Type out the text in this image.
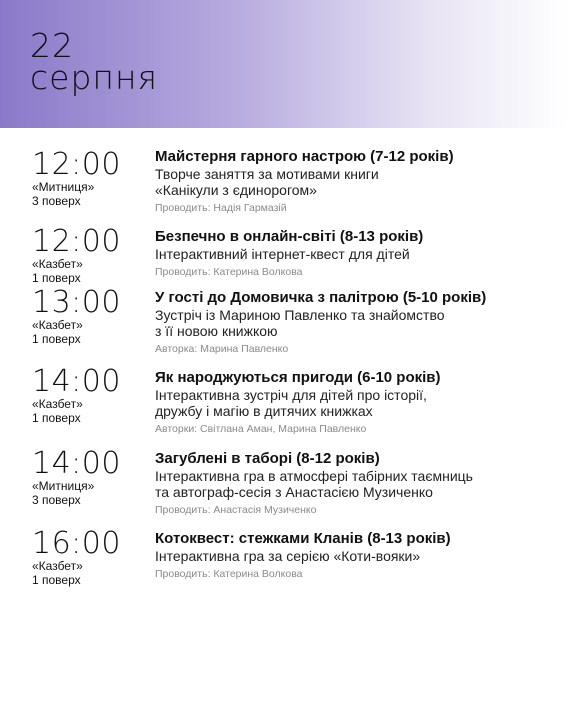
22
серпня
12:00
«Митниця»
3 поверх
Майстерня гарного настрою (7-12 років)
Творче заняття за мотивами книги
«Канікули з єдинорогом»
Проводить: Надія Гармазій
12:00
«Казбет»
1 поверх
Безпечно в онлайн-світі (8-13 років)
Інтерактивний інтернет-квест для дітей
Проводить: Катерина Волкова
13:00
«Казбет»
1 поверх
У гості до Домовичка з палітрою (5-10 років)
Зустріч із Мариною Павленко та знайомство
з її новою книжкою
Авторка: Марина Павленко
14:00
«Казбет»
1 поверх
Як народжуються пригоди (6-10 років)
Інтерактивна зустріч для дітей про історії,
дружбу і магію в дитячих книжках
Авторки: Світлана Аман, Марина Павленко
14:00
«Митниця»
3 поверх
Загублені в таборі (8-12 років)
Інтерактивна гра в атмосфері табірних таємниць
та автограф-сесія з Анастасією Музиченко
Проводить: Анастасія Музиченко
16:00
«Казбет»
1 поверх
Котоквест: стежками Кланів (8-13 років)
Інтерактивна гра за серією «Коти-вояки»
Проводить: Катерина Волкова
